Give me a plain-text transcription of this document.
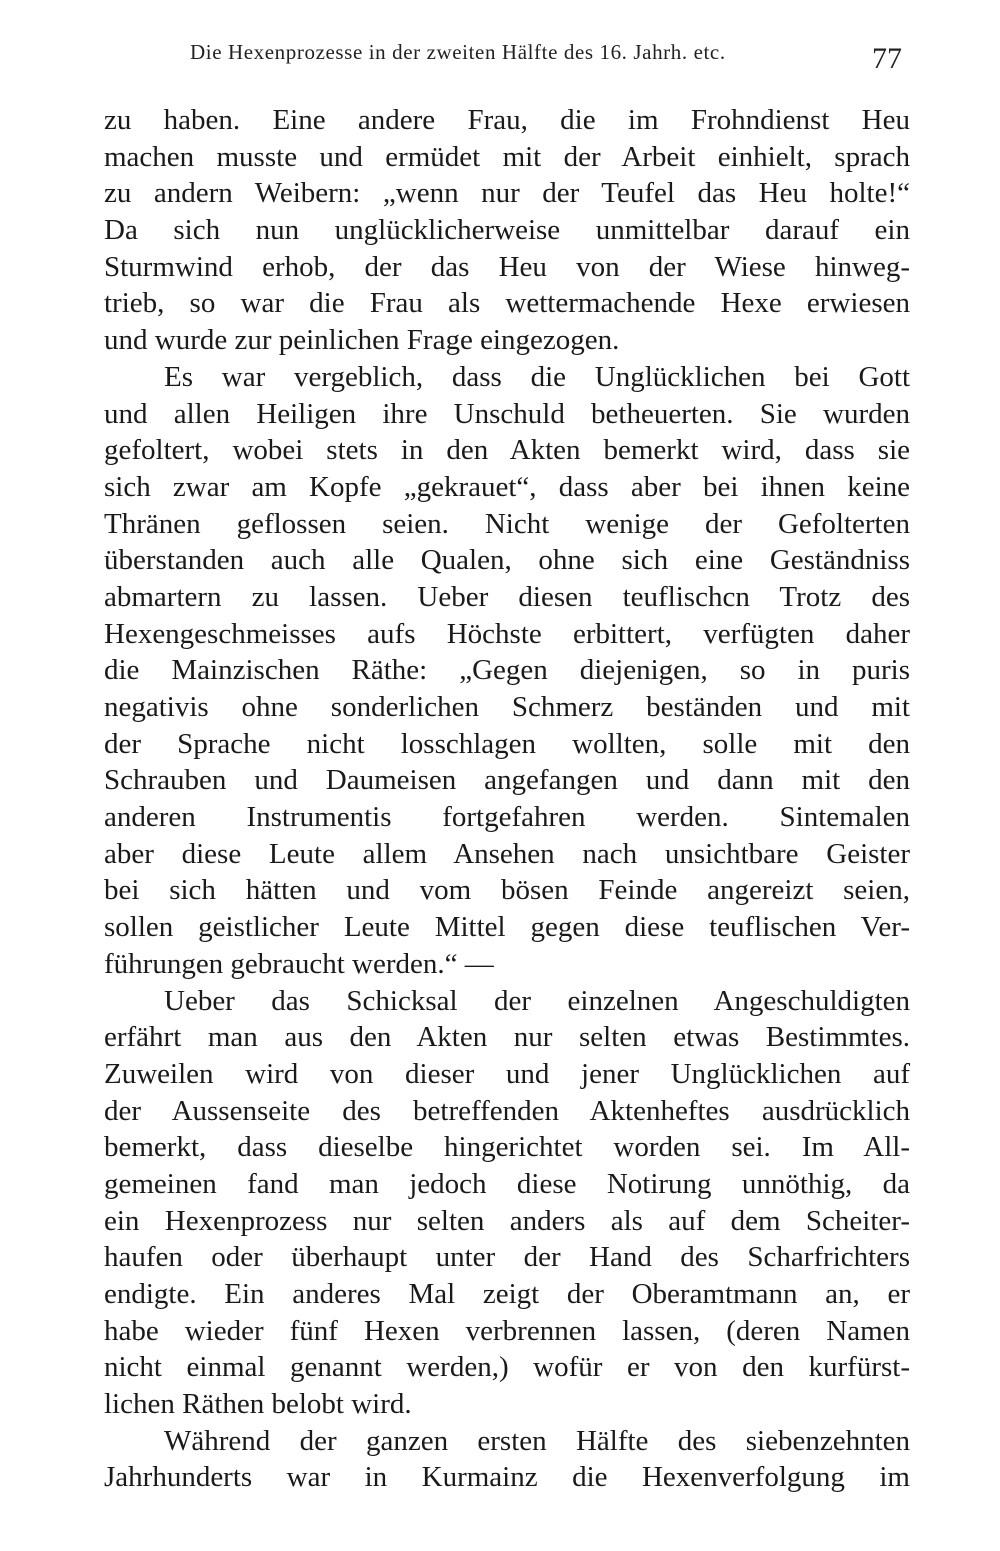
Die Hexenprozesse in der zweiten Hälfte des 16. Jahrh. etc.	77
zu haben. Eine andere Frau, die im Frohndienst Heu
machen musste und ermüdet mit der Arbeit einhielt, sprach
zu andern Weibern: „wenn nur der Teufel das Heu holte!“
Da sich nun unglücklicherweise unmittelbar darauf ein
Sturmwind erhob, der das Heu von der Wiese hinweg-
trieb, so war die Frau als wettermachende Hexe erwiesen
und wurde zur peinlichen Frage eingezogen.
Es war vergeblich, dass die Unglücklichen bei Gott
und allen Heiligen ihre Unschuld betheuerten. Sie wurden
gefoltert, wobei stets in den Akten bemerkt wird, dass sie
sich zwar am Kopfe „gekrauet“, dass aber bei ihnen keine
Thränen geflossen seien. Nicht wenige der Gefolterten
überstanden auch alle Qualen, ohne sich eine Geständniss
abmartern zu lassen. Ueber diesen teuflischcn Trotz des
Hexengeschmeisses aufs Höchste erbittert, verfügten daher
die Mainzischen Räthe: „Gegen diejenigen, so in puris
negativis ohne sonderlichen Schmerz beständen und mit
der Sprache nicht losschlagen wollten, solle mit den
Schrauben und Daumeisen angefangen und dann mit den
anderen Instrumentis fortgefahren werden. Sintemalen
aber diese Leute allem Ansehen nach unsichtbare Geister
bei sich hätten und vom bösen Feinde angereizt seien,
sollen geistlicher Leute Mittel gegen diese teuflischen Ver-
führungen gebraucht werden.“ —
Ueber das Schicksal der einzelnen Angeschuldigten
erfährt man aus den Akten nur selten etwas Bestimmtes.
Zuweilen wird von dieser und jener Unglücklichen auf
der Aussenseite des betreffenden Aktenheftes ausdrücklich
bemerkt, dass dieselbe hingerichtet worden sei. Im All-
gemeinen fand man jedoch diese Notirung unnöthig, da
ein Hexenprozess nur selten anders als auf dem Scheiter-
haufen oder überhaupt unter der Hand des Scharfrichters
endigte. Ein anderes Mal zeigt der Oberamtmann an, er
habe wieder fünf Hexen verbrennen lassen, (deren Namen
nicht einmal genannt werden,) wofür er von den kurfürst-
lichen Räthen belobt wird.
Während der ganzen ersten Hälfte des siebenzehnten
Jahrhunderts war in Kurmainz die Hexenverfolgung im
